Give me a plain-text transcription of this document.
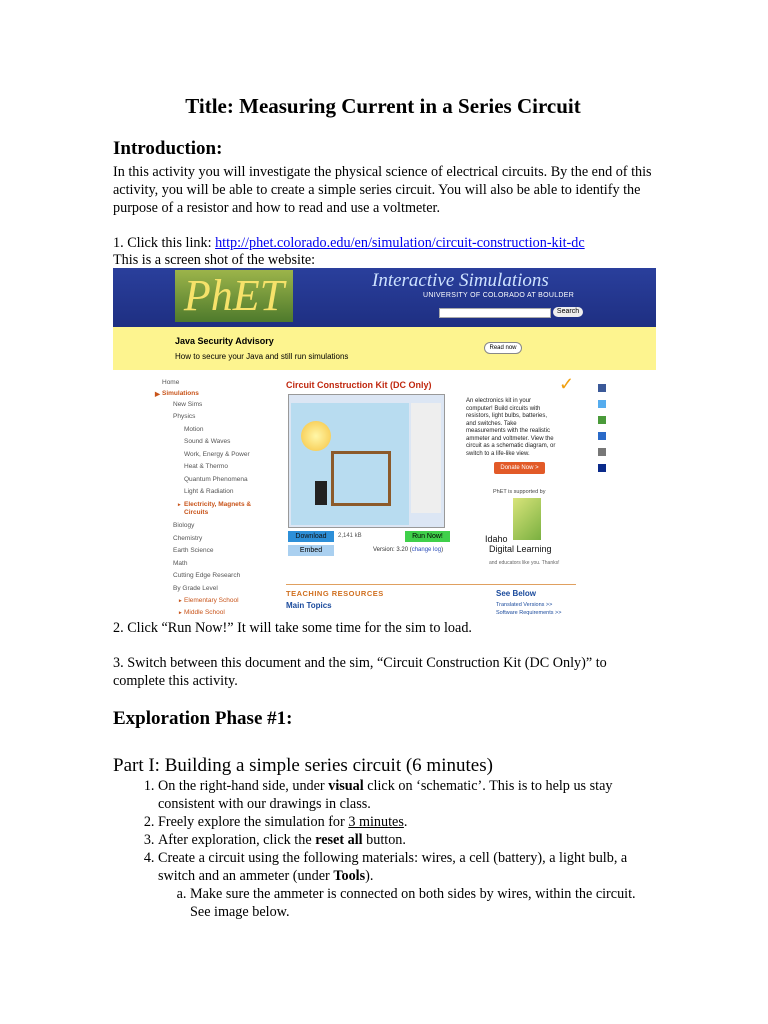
Title: Measuring Current in a Series Circuit
Introduction:
In this activity you will investigate the physical science of electrical circuits. By the end of this activity, you will be able to create a simple series circuit. You will also be able to identify the purpose of a resistor and how to read and use a voltmeter.
1. Click this link: http://phet.colorado.edu/en/simulation/circuit-construction-kit-dc
This is a screen shot of the website:
PhET	Interactive Simulations
UNIVERSITY OF COLORADO AT BOULDER
Search
Java Security Advisory
How to secure your Java and still run simulations
Read now
Home
▶ Simulations
New Sims
Physics
Motion
Sound & Waves
Work, Energy & Power
Heat & Thermo
Quantum Phenomena
Light & Radiation
▸ Electricity, Magnets &
Circuits
Biology
Chemistry
Earth Science
Math
Cutting Edge Research
By Grade Level
▸ Elementary School
▸ Middle School
Circuit Construction Kit (DC Only)	✓
An electronics kit in your computer! Build circuits with resistors, light bulbs, batteries, and switches. Take measurements with the realistic ammeter and voltmeter. View the circuit as a schematic diagram, or switch to a life-like view.
Donate Now >
PhET is supported by
Idaho
Digital Learning
and educators like you. Thanks!
Download	2,141 kB	Run Now!
Embed	Version: 3.20 (change log)
TEACHING RESOURCES
Main Topics
See Below
Translated Versions >>
Software Requirements >>
2. Click “Run Now!” It will take some time for the sim to load.
3. Switch between this document and the sim, “Circuit Construction Kit (DC Only)” to complete this activity.
Exploration Phase #1:
Part I: Building a simple series circuit (6 minutes)
1. On the right-hand side, under visual click on ‘schematic’. This is to help us stay consistent with our drawings in class.
2. Freely explore the simulation for 3 minutes.
3. After exploration, click the reset all button.
4. Create a circuit using the following materials: wires, a cell (battery), a light bulb, a switch and an ammeter (under Tools).
a. Make sure the ammeter is connected on both sides by wires, within the circuit. See image below.
